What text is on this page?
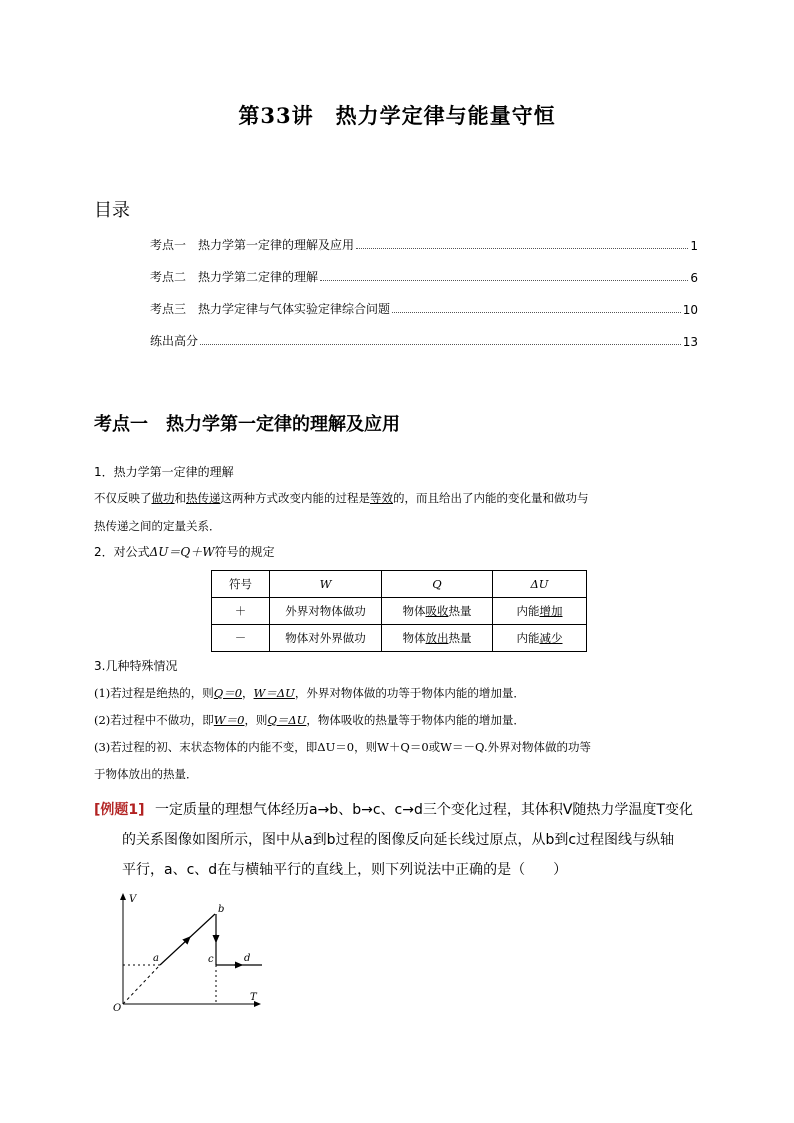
第33讲　热力学定律与能量守恒
目录
考点一　热力学第一定律的理解及应用	1
考点二　热力学第二定律的理解	6
考点三　热力学定律与气体实验定律综合问题	10
练出高分	13
考点一　热力学第一定律的理解及应用
1．热力学第一定律的理解
不仅反映了做功和热传递这两种方式改变内能的过程是等效的，而且给出了内能的变化量和做功与
热传递之间的定量关系．
2．对公式ΔU＝Q＋W符号的规定
符号	W	Q	ΔU
＋	外界对物体做功	物体吸收热量	内能增加
－	物体对外界做功	物体放出热量	内能减少
3.几种特殊情况
(1)若过程是绝热的，则Q＝0，W＝ΔU，外界对物体做的功等于物体内能的增加量．
(2)若过程中不做功，即W＝0，则Q＝ΔU，物体吸收的热量等于物体内能的增加量．
(3)若过程的初、末状态物体的内能不变，即ΔU＝0，则W＋Q＝0或W＝－Q.外界对物体做的功等
于物体放出的热量．
[例题1] 一定质量的理想气体经历a→b、b→c、c→d三个变化过程，其体积V随热力学温度T变化
的关系图像如图所示，图中从a到b过程的图像反向延长线过原点，从b到c过程图线与纵轴
平行，a、c、d在与横轴平行的直线上，则下列说法中正确的是（　　）
V
T
O
a
b
c	d
